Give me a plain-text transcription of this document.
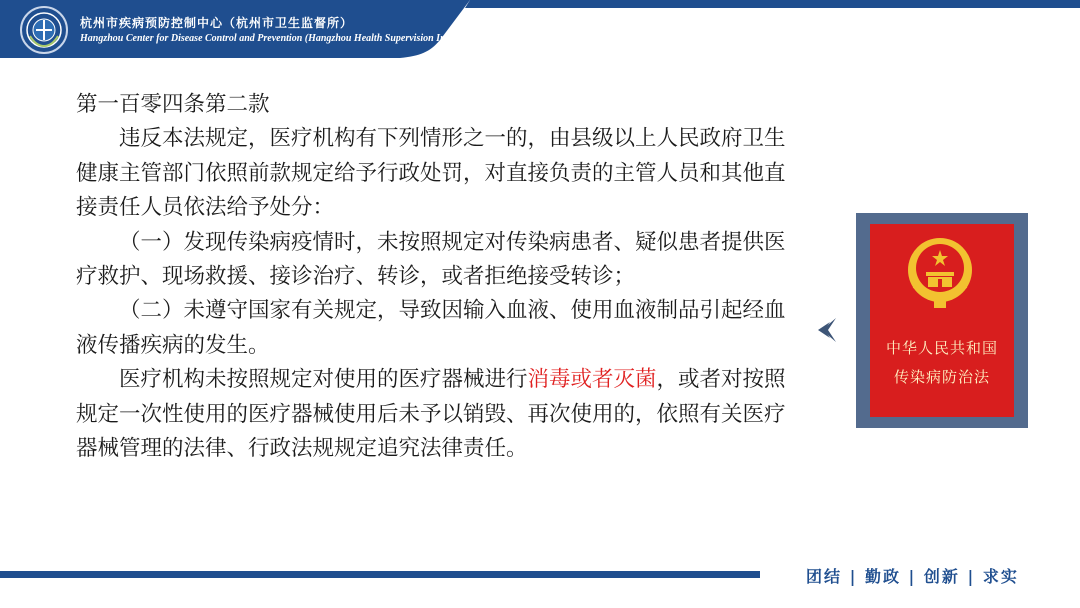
杭州市疾病预防控制中心（杭州市卫生监督所）
Hangzhou Center for Disease Control and Prevention (Hangzhou Health Supervision Institution)

第一百零四条第二款

违反本法规定，医疗机构有下列情形之一的，由县级以上人民政府卫生健康主管部门依照前款规定给予行政处罚，对直接负责的主管人员和其他直接责任人员依法给予处分：

（一）发现传染病疫情时，未按照规定对传染病患者、疑似患者提供医疗救护、现场救援、接诊治疗、转诊，或者拒绝接受转诊；

（二）未遵守国家有关规定，导致因输入血液、使用血液制品引起经血液传播疾病的发生。

医疗机构未按照规定对使用的医疗器械进行消毒或者灭菌，或者对按照规定一次性使用的医疗器械使用后未予以销毁、再次使用的，依照有关医疗器械管理的法律、行政法规规定追究法律责任。

中华人民共和国
传染病防治法
团结 | 勤政 | 创新 | 求实
